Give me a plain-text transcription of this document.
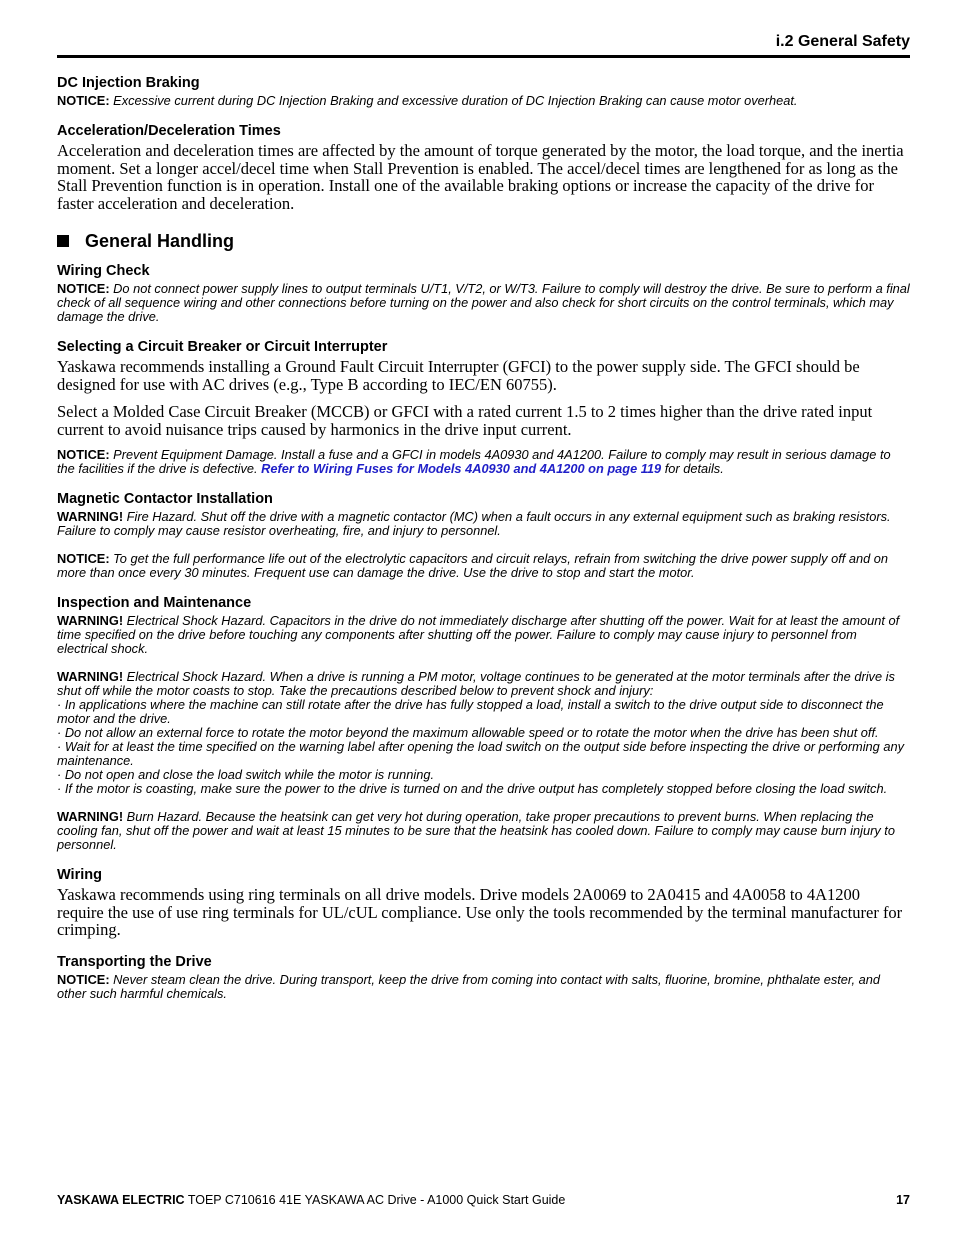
i.2 General Safety
DC Injection Braking

NOTICE: Excessive current during DC Injection Braking and excessive duration of DC Injection Braking can cause motor overheat.

Acceleration/Deceleration Times

Acceleration and deceleration times are affected by the amount of torque generated by the motor, the load torque, and the inertia moment. Set a longer accel/decel time when Stall Prevention is enabled. The accel/decel times are lengthened for as long as the Stall Prevention function is in operation. Install one of the available braking options or increase the capacity of the drive for faster acceleration and deceleration.

General Handling
Wiring Check

NOTICE: Do not connect power supply lines to output terminals U/T1, V/T2, or W/T3. Failure to comply will destroy the drive. Be sure to perform a final check of all sequence wiring and other connections before turning on the power and also check for short circuits on the control terminals, which may damage the drive.

Selecting a Circuit Breaker or Circuit Interrupter

Yaskawa recommends installing a Ground Fault Circuit Interrupter (GFCI) to the power supply side. The GFCI should be designed for use with AC drives (e.g., Type B according to IEC/EN 60755).

Select a Molded Case Circuit Breaker (MCCB) or GFCI with a rated current 1.5 to 2 times higher than the drive rated input current to avoid nuisance trips caused by harmonics in the drive input current.

NOTICE: Prevent Equipment Damage. Install a fuse and a GFCI in models 4A0930 and 4A1200. Failure to comply may result in serious damage to the facilities if the drive is defective. Refer to Wiring Fuses for Models 4A0930 and 4A1200 on page 119 for details.

Magnetic Contactor Installation

WARNING! Fire Hazard. Shut off the drive with a magnetic contactor (MC) when a fault occurs in any external equipment such as braking resistors. Failure to comply may cause resistor overheating, fire, and injury to personnel.

NOTICE: To get the full performance life out of the electrolytic capacitors and circuit relays, refrain from switching the drive power supply off and on more than once every 30 minutes. Frequent use can damage the drive. Use the drive to stop and start the motor.

Inspection and Maintenance

WARNING! Electrical Shock Hazard. Capacitors in the drive do not immediately discharge after shutting off the power. Wait for at least the amount of time specified on the drive before touching any components after shutting off the power. Failure to comply may cause injury to personnel from electrical shock.

WARNING! Electrical Shock Hazard. When a drive is running a PM motor, voltage continues to be generated at the motor terminals after the drive is shut off while the motor coasts to stop. Take the precautions described below to prevent shock and injury:

· In applications where the machine can still rotate after the drive has fully stopped a load, install a switch to the drive output side to disconnect the motor and the drive.

· Do not allow an external force to rotate the motor beyond the maximum allowable speed or to rotate the motor when the drive has been shut off.

· Wait for at least the time specified on the warning label after opening the load switch on the output side before inspecting the drive or performing any maintenance.

· Do not open and close the load switch while the motor is running.

· If the motor is coasting, make sure the power to the drive is turned on and the drive output has completely stopped before closing the load switch.

WARNING! Burn Hazard. Because the heatsink can get very hot during operation, take proper precautions to prevent burns. When replacing the cooling fan, shut off the power and wait at least 15 minutes to be sure that the heatsink has cooled down. Failure to comply may cause burn injury to personnel.

Wiring

Yaskawa recommends using ring terminals on all drive models. Drive models 2A0069 to 2A0415 and 4A0058 to 4A1200 require the use of use ring terminals for UL/cUL compliance. Use only the tools recommended by the terminal manufacturer for crimping.

Transporting the Drive

NOTICE: Never steam clean the drive. During transport, keep the drive from coming into contact with salts, fluorine, bromine, phthalate ester, and other such harmful chemicals.

YASKAWA ELECTRIC TOEP C710616 41E YASKAWA AC Drive - A1000 Quick Start Guide	17
